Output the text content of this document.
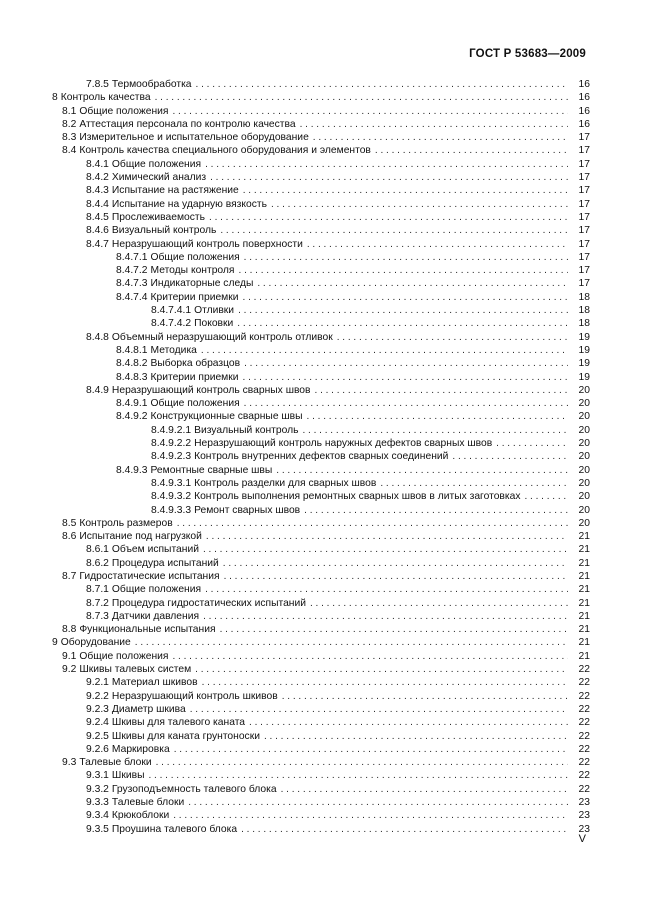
ГОСТ Р 53683—2009
7.8.5 Термообработка . . .	16
8 Контроль качества . . .	16
8.1 Общие положения . . .	16
8.2 Аттестация персонала по контролю качества . . .	16
8.3 Измерительное и испытательное оборудование . . .	17
8.4 Контроль качества специального оборудования и элементов . . .	17
8.4.1 Общие положения . . .	17
8.4.2 Химический анализ . . .	17
8.4.3 Испытание на растяжение . . .	17
8.4.4 Испытание на ударную вязкость . . .	17
8.4.5 Прослеживаемость . . .	17
8.4.6 Визуальный контроль . . .	17
8.4.7 Неразрушающий контроль поверхности . . .	17
8.4.7.1 Общие положения . . .	17
8.4.7.2 Методы контроля . . .	17
8.4.7.3 Индикаторные следы . . .	17
8.4.7.4 Критерии приемки . . .	18
8.4.7.4.1 Отливки . . .	18
8.4.7.4.2 Поковки . . .	18
8.4.8 Объемный неразрушающий контроль отливок . . .	19
8.4.8.1 Методика . . .	19
8.4.8.2 Выборка образцов . . .	19
8.4.8.3 Критерии приемки . . .	19
8.4.9 Неразрушающий контроль сварных швов . . .	20
8.4.9.1 Общие положения . . .	20
8.4.9.2 Конструкционные сварные швы . . .	20
8.4.9.2.1 Визуальный контроль . . .	20
8.4.9.2.2 Неразрушающий контроль наружных дефектов сварных швов . . .	20
8.4.9.2.3 Контроль внутренних дефектов сварных соединений . . .	20
8.4.9.3 Ремонтные сварные швы . . .	20
8.4.9.3.1 Контроль разделки для сварных швов . . .	20
8.4.9.3.2 Контроль выполнения ремонтных сварных швов в литых заготовках . . .	20
8.4.9.3.3 Ремонт сварных швов . . .	20
8.5 Контроль размеров . . .	20
8.6 Испытание под нагрузкой . . .	21
8.6.1 Объем испытаний . . .	21
8.6.2 Процедура испытаний . . .	21
8.7 Гидростатические испытания . . .	21
8.7.1 Общие положения . . .	21
8.7.2 Процедура гидростатических испытаний . . .	21
8.7.3 Датчики давления . . .	21
8.8 Функциональные испытания . . .	21
9 Оборудование . . .	21
9.1 Общие положения . . .	21
9.2 Шкивы талевых систем . . .	22
9.2.1 Материал шкивов . . .	22
9.2.2 Неразрушающий контроль шкивов . . .	22
9.2.3 Диаметр шкива . . .	22
9.2.4 Шкивы для талевого каната . . .	22
9.2.5 Шкивы для каната грунтоноски . . .	22
9.2.6 Маркировка . . .	22
9.3 Талевые блоки . . .	22
9.3.1 Шкивы . . .	22
9.3.2 Грузоподъемность талевого блока . . .	22
9.3.3 Талевые блоки . . .	23
9.3.4 Крюкоблоки . . .	23
9.3.5 Проушина талевого блока . . .	23
V
